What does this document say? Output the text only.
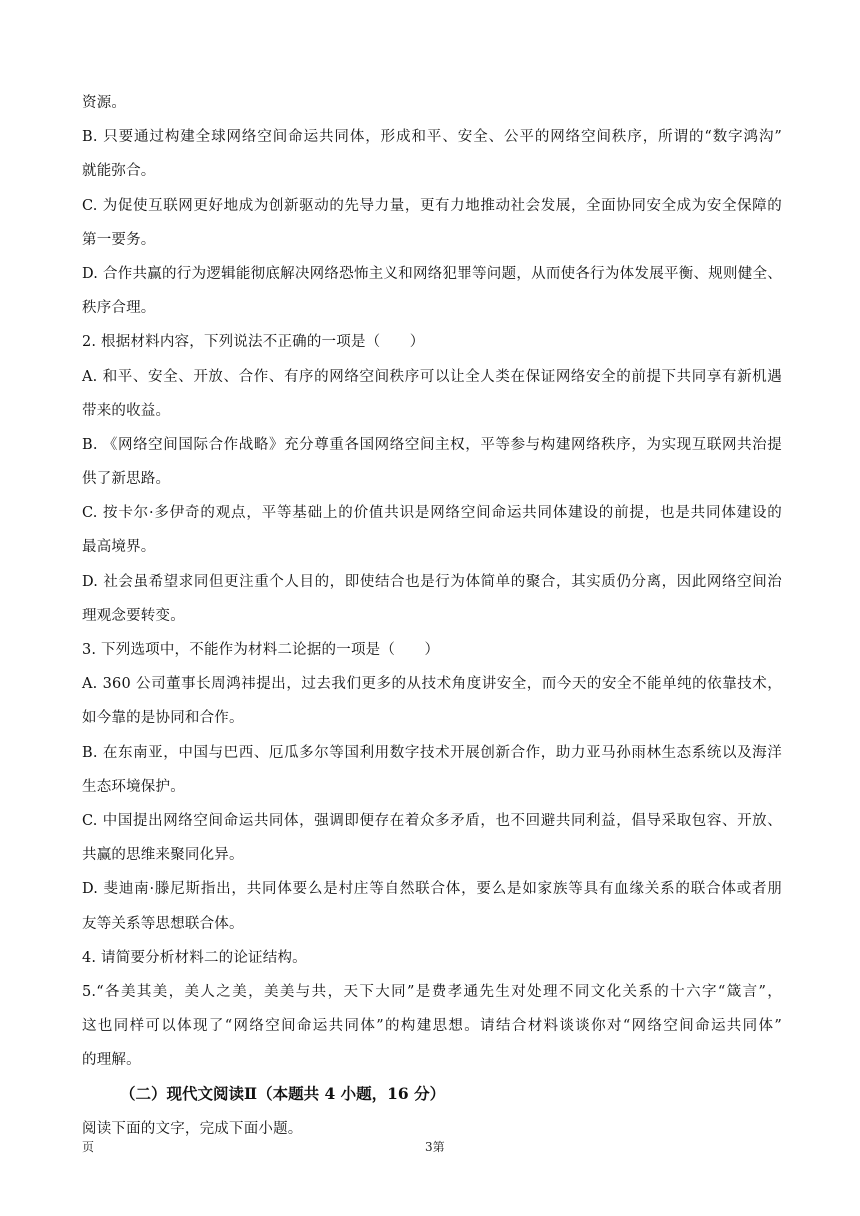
资源。
B. 只要通过构建全球网络空间命运共同体，形成和平、安全、公平的网络空间秩序，所谓的“数字鸿沟”
就能弥合。
C. 为促使互联网更好地成为创新驱动的先导力量，更有力地推动社会发展，全面协同安全成为安全保障的
第一要务。
D. 合作共赢的行为逻辑能彻底解决网络恐怖主义和网络犯罪等问题，从而使各行为体发展平衡、规则健全、
秩序合理。
2. 根据材料内容，下列说法不正确的一项是（　　）
A. 和平、安全、开放、合作、有序的网络空间秩序可以让全人类在保证网络安全的前提下共同享有新机遇
带来的收益。
B. 《网络空间国际合作战略》充分尊重各国网络空间主权，平等参与构建网络秩序，为实现互联网共治提
供了新思路。
C. 按卡尔·多伊奇的观点，平等基础上的价值共识是网络空间命运共同体建设的前提，也是共同体建设的
最高境界。
D. 社会虽希望求同但更注重个人目的，即使结合也是行为体简单的聚合，其实质仍分离，因此网络空间治
理观念要转变。
3. 下列选项中，不能作为材料二论据的一项是（　　）
A. 360 公司董事长周鸿祎提出，过去我们更多的从技术角度讲安全，而今天的安全不能单纯的依靠技术，
如今靠的是协同和合作。
B. 在东南亚，中国与巴西、厄瓜多尔等国利用数字技术开展创新合作，助力亚马孙雨林生态系统以及海洋
生态环境保护。
C. 中国提出网络空间命运共同体，强调即便存在着众多矛盾，也不回避共同利益，倡导采取包容、开放、
共赢的思维来聚同化异。
D. 斐迪南·滕尼斯指出，共同体要么是村庄等自然联合体，要么是如家族等具有血缘关系的联合体或者朋
友等关系等思想联合体。
4. 请简要分析材料二的论证结构。
5.“各美其美，美人之美，美美与共，天下大同”是费孝通先生对处理不同文化关系的十六字“箴言”，
这也同样可以体现了“网络空间命运共同体”的构建思想。请结合材料谈谈你对“网络空间命运共同体”
的理解。
（二）现代文阅读Ⅱ（本题共 4 小题，16 分）
阅读下面的文字，完成下面小题。
页	3第
